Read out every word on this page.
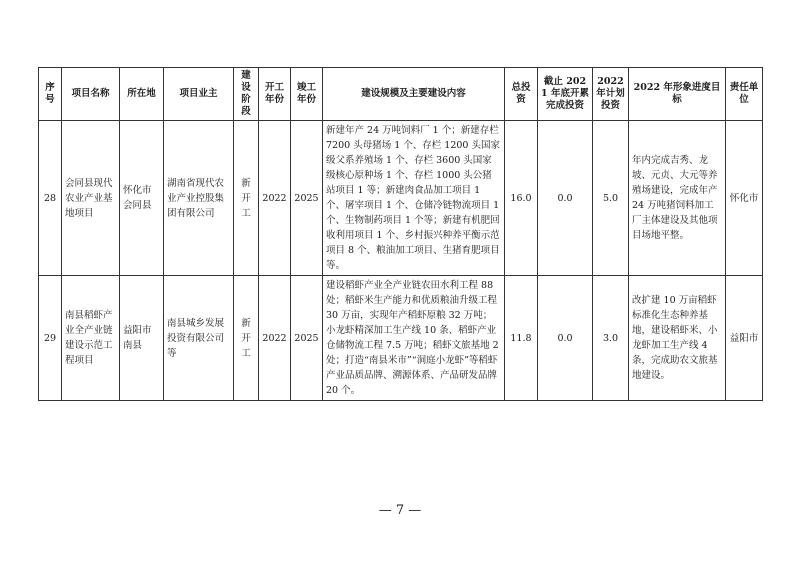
序号	项目名称	所在地	项目业主	建设阶段	开工年份	竣工年份	建设规模及主要建设内容	总投资	截止 2021 年底开累完成投资	2022 年计划投资	2022 年形象进度目标	责任单位
28	会同县现代农业产业基地项目	怀化市会同县	湖南省现代农业产业控股集团有限公司	新开工	2022	2025	新建年产 24 万吨饲料厂 1 个；新建存栏 7200 头母猪场 1 个、存栏 1200 头国家级父系养殖场 1 个、存栏 3600 头国家级核心原种场 1 个、存栏 1000 头公猪站项目 1 等；新建肉食品加工项目 1 个、屠宰项目 1 个、仓储冷链物流项目 1 个、生物制药项目 1 个等；新建有机肥回收利用项目 1 个、乡村振兴种养平衡示范项目 8 个、粮油加工项目、生猪育肥项目等。	16.0	0.0	5.0	年内完成吉秀、龙坡、元贞、大元等养殖场建设，完成年产 24 万吨猪饲料加工厂主体建设及其他项目场地平整。	怀化市
29	南县稻虾产业全产业链建设示范工程项目	益阳市南县	南县城乡发展投资有限公司等	新开工	2022	2025	建设稻虾产业全产业链农田水利工程 88 处；稻虾米生产能力和优质粮油升级工程 30 万亩，实现年产稻虾原粮 32 万吨；小龙虾精深加工生产线 10 条、稻虾产业仓储物流工程 7.5 万吨；稻虾文旅基地 2 处；打造“南县米市”“洞庭小龙虾”等稻虾产业品质品牌、溯源体系、产品研发品牌 20 个。	11.8	0.0	3.0	改扩建 10 万亩稻虾标准化生态种养基地，建设稻虾米、小龙虾加工生产线 4 条，完成助农文旅基地建设。	益阳市
— 7 —
